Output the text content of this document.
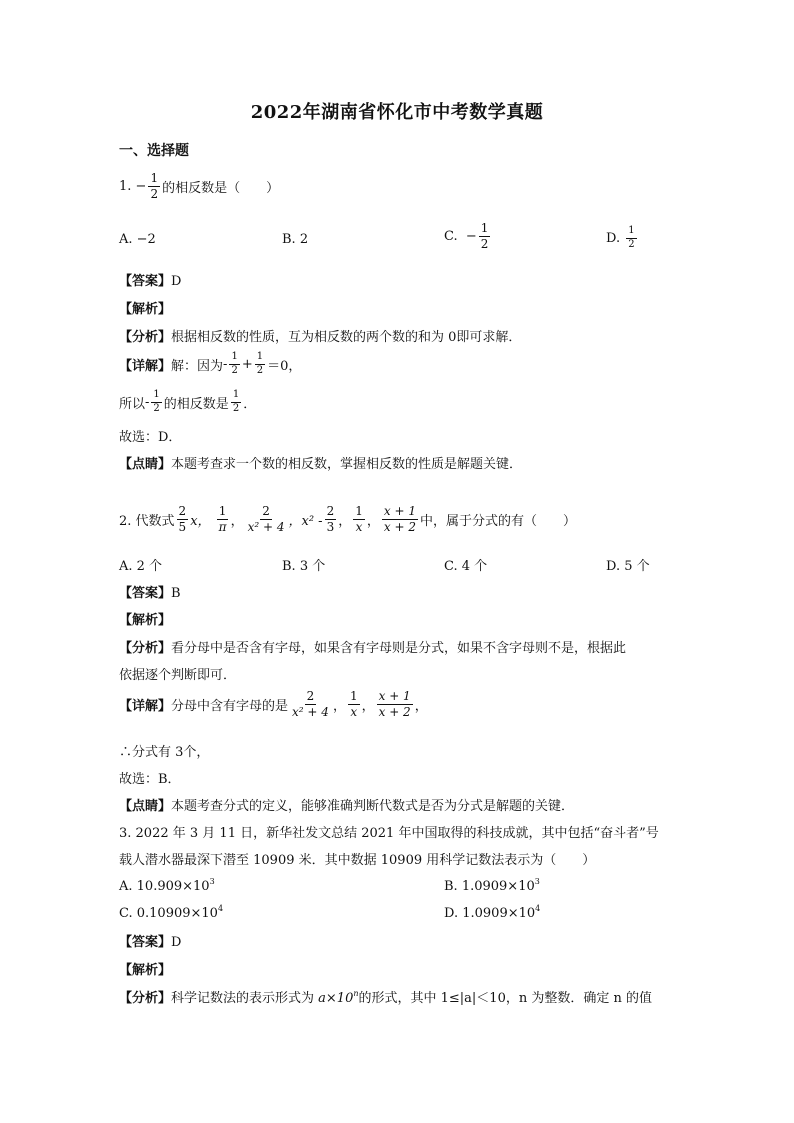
2022年湖南省怀化市中考数学真题
一、选择题
1.
− $\frac{1}{2}$ 的相反数是（　　）
A. −2	B. 2	C.
− $\frac{1}{2}$	D.
$\frac{1}{2}$
【答案】D
【解析】
【分析】根据相反数的性质，互为相反数的两个数的和为 0即可求解．
【详解】 解：因为 - $\frac{1}{2} + \frac{1}{2} =0$，
所以 - $\frac{1}{2}$ 的相反数是 $\frac{1}{2}$ ．
故选：D．
【点睛】本题考查求一个数的相反数，掌握相反数的性质是解题关键．
2. 代数式 $\frac{2}{5}$ x，
$\frac{1}{\pi}$ ， $\frac{2}{\text{x² + 4}}$ ，$x^2 - \frac{2}{3}$ ， $\frac{1}{x}$ ， $\frac{x + 1}{x + 2}$ 中，属于分式的有（　　）
A. 2 个	B. 3 个	C. 4 个	D. 5 个
【答案】B
【解析】
【分析】看分母中是否含有字母，如果含有字母则是分式，如果不含字母则不是，根据此
依据逐个判断即可．
【详解】 分母中含有字母的是 $\frac{2}{\text{x² + 4}}$ ， $\frac{1}{x}$ ， $\frac{x + 1}{x + 2}$ ，
∴分式有 3个，
故选：B．
【点睛】本题考查分式的定义，能够准确判断代数式是否为分式是解题的关键．
3. 2022 年 3 月 11 日，新华社发文总结 2021 年中国取得的科技成就，其中包括“奋斗者”号
载人潜水器最深下潜至 10909 米．其中数据 10909 用科学记数法表示为（　　）
A. $10.909\times 10^3$	B. $1.0909\times 10^3$
C. $0.10909\times 10^4$	D. $1.0909\times 10^4$
【答案】D
【解析】
【分析】科学记数法的表示形式为 $a\times 10^n$的形式，其中 1≤|a|＜10，n 为整数．确定 n 的值
